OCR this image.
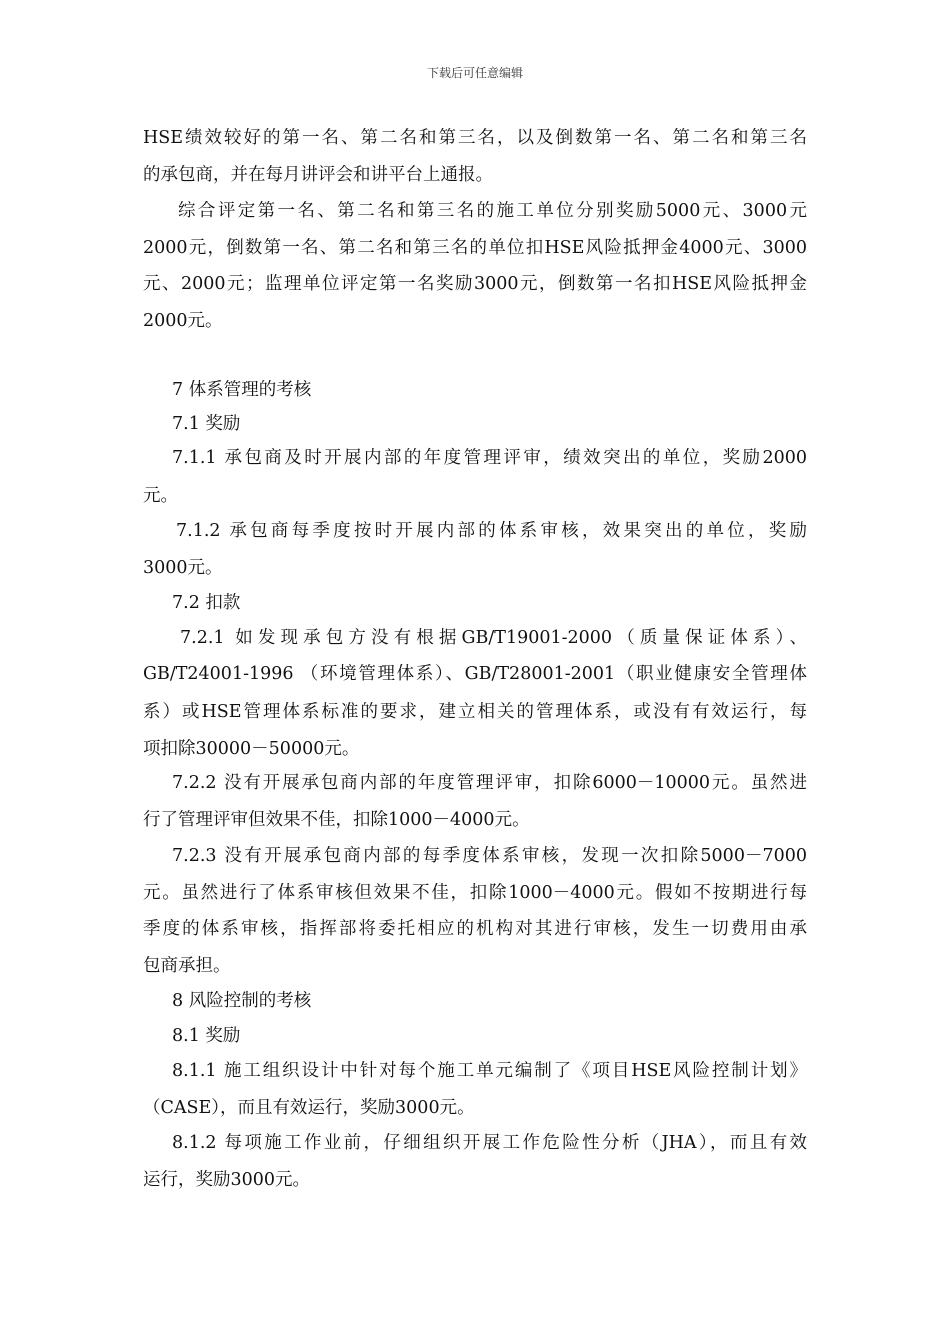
下载后可任意编辑
HSE绩效较好的第一名、第二名和第三名，以及倒数第一名、第二名和第三名
的承包商，并在每月讲评会和讲平台上通报。
综合评定第一名、第二名和第三名的施工单位分别奖励5000元、3000元
2000元，倒数第一名、第二名和第三名的单位扣HSE风险抵押金4000元、3000
元、2000元；监理单位评定第一名奖励3000元，倒数第一名扣HSE风险抵押金
2000元。
7 体系管理的考核
7.1 奖励
7.1.1 承包商及时开展内部的年度管理评审，绩效突出的单位，奖励2000
元。
7.1.2 承包商每季度按时开展内部的体系审核，效果突出的单位，奖励
3000元。
7.2 扣款
7.2.1 如发现承包方没有根据GB/T19001-2000（质量保证体系）、
GB/T24001-1996 （环境管理体系）、GB/T28001-2001（职业健康安全管理体
系）或HSE管理体系标准的要求，建立相关的管理体系，或没有有效运行，每
项扣除30000－50000元。
7.2.2 没有开展承包商内部的年度管理评审，扣除6000－10000元。虽然进
行了管理评审但效果不佳，扣除1000－4000元。
7.2.3 没有开展承包商内部的每季度体系审核，发现一次扣除5000－7000
元。虽然进行了体系审核但效果不佳，扣除1000－4000元。假如不按期进行每
季度的体系审核，指挥部将委托相应的机构对其进行审核，发生一切费用由承
包商承担。
8 风险控制的考核
8.1 奖励
8.1.1 施工组织设计中针对每个施工单元编制了《项目HSE风险控制计划》
（CASE），而且有效运行，奖励3000元。
8.1.2 每项施工作业前，仔细组织开展工作危险性分析（JHA），而且有效
运行，奖励3000元。
